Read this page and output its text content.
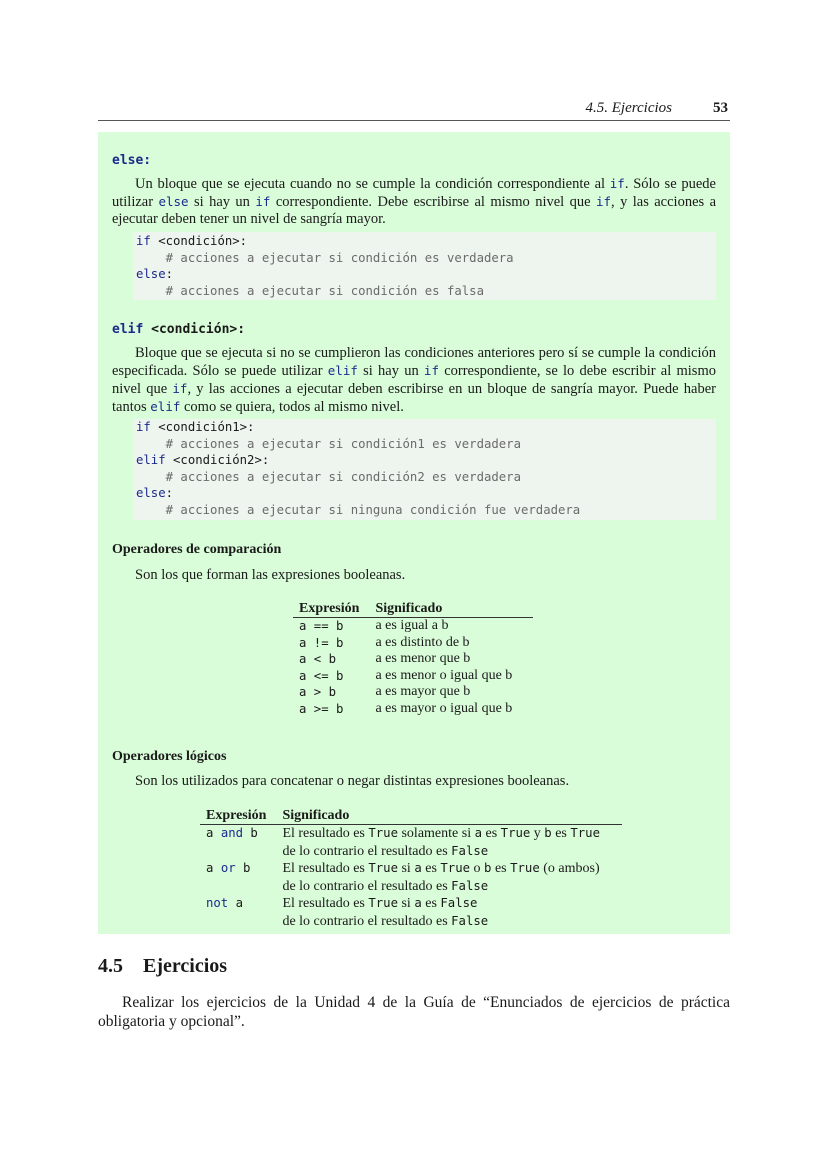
4.5. Ejercicios	53
else:
Un bloque que se ejecuta cuando no se cumple la condición correspondiente al if. Sólo se puede utilizar else si hay un if correspondiente. Debe escribirse al mismo nivel que if, y las acciones a ejecutar deben tener un nivel de sangría mayor.
if <condición>:
# acciones a ejecutar si condición es verdadera
else:
# acciones a ejecutar si condición es falsa
elif <condición>:
Bloque que se ejecuta si no se cumplieron las condiciones anteriores pero sí se cumple la condición especificada. Sólo se puede utilizar elif si hay un if correspondiente, se lo debe escribir al mismo nivel que if, y las acciones a ejecutar deben escribirse en un bloque de sangría mayor. Puede haber tantos elif como se quiera, todos al mismo nivel.
if <condición1>:
# acciones a ejecutar si condición1 es verdadera
elif <condición2>:
# acciones a ejecutar si condición2 es verdadera
else:
# acciones a ejecutar si ninguna condición fue verdadera
Operadores de comparación
Son los que forman las expresiones booleanas.
Expresión	Significado
a == b	a es igual a b
a != b	a es distinto de b
a < b	a es menor que b
a <= b	a es menor o igual que b
a > b	a es mayor que b
a >= b	a es mayor o igual que b
Operadores lógicos
Son los utilizados para concatenar o negar distintas expresiones booleanas.
Expresión	Significado
a and b	El resultado es True solamente si a es True y b es True
de lo contrario el resultado es False

a or b	El resultado es True si a es True o b es True (o ambos)
de lo contrario el resultado es False

not a	El resultado es True si a es False
de lo contrario el resultado es False
4.5 Ejercicios
Realizar los ejercicios de la Unidad 4 de la Guía de “Enunciados de ejercicios de práctica obligatoria y opcional”.
